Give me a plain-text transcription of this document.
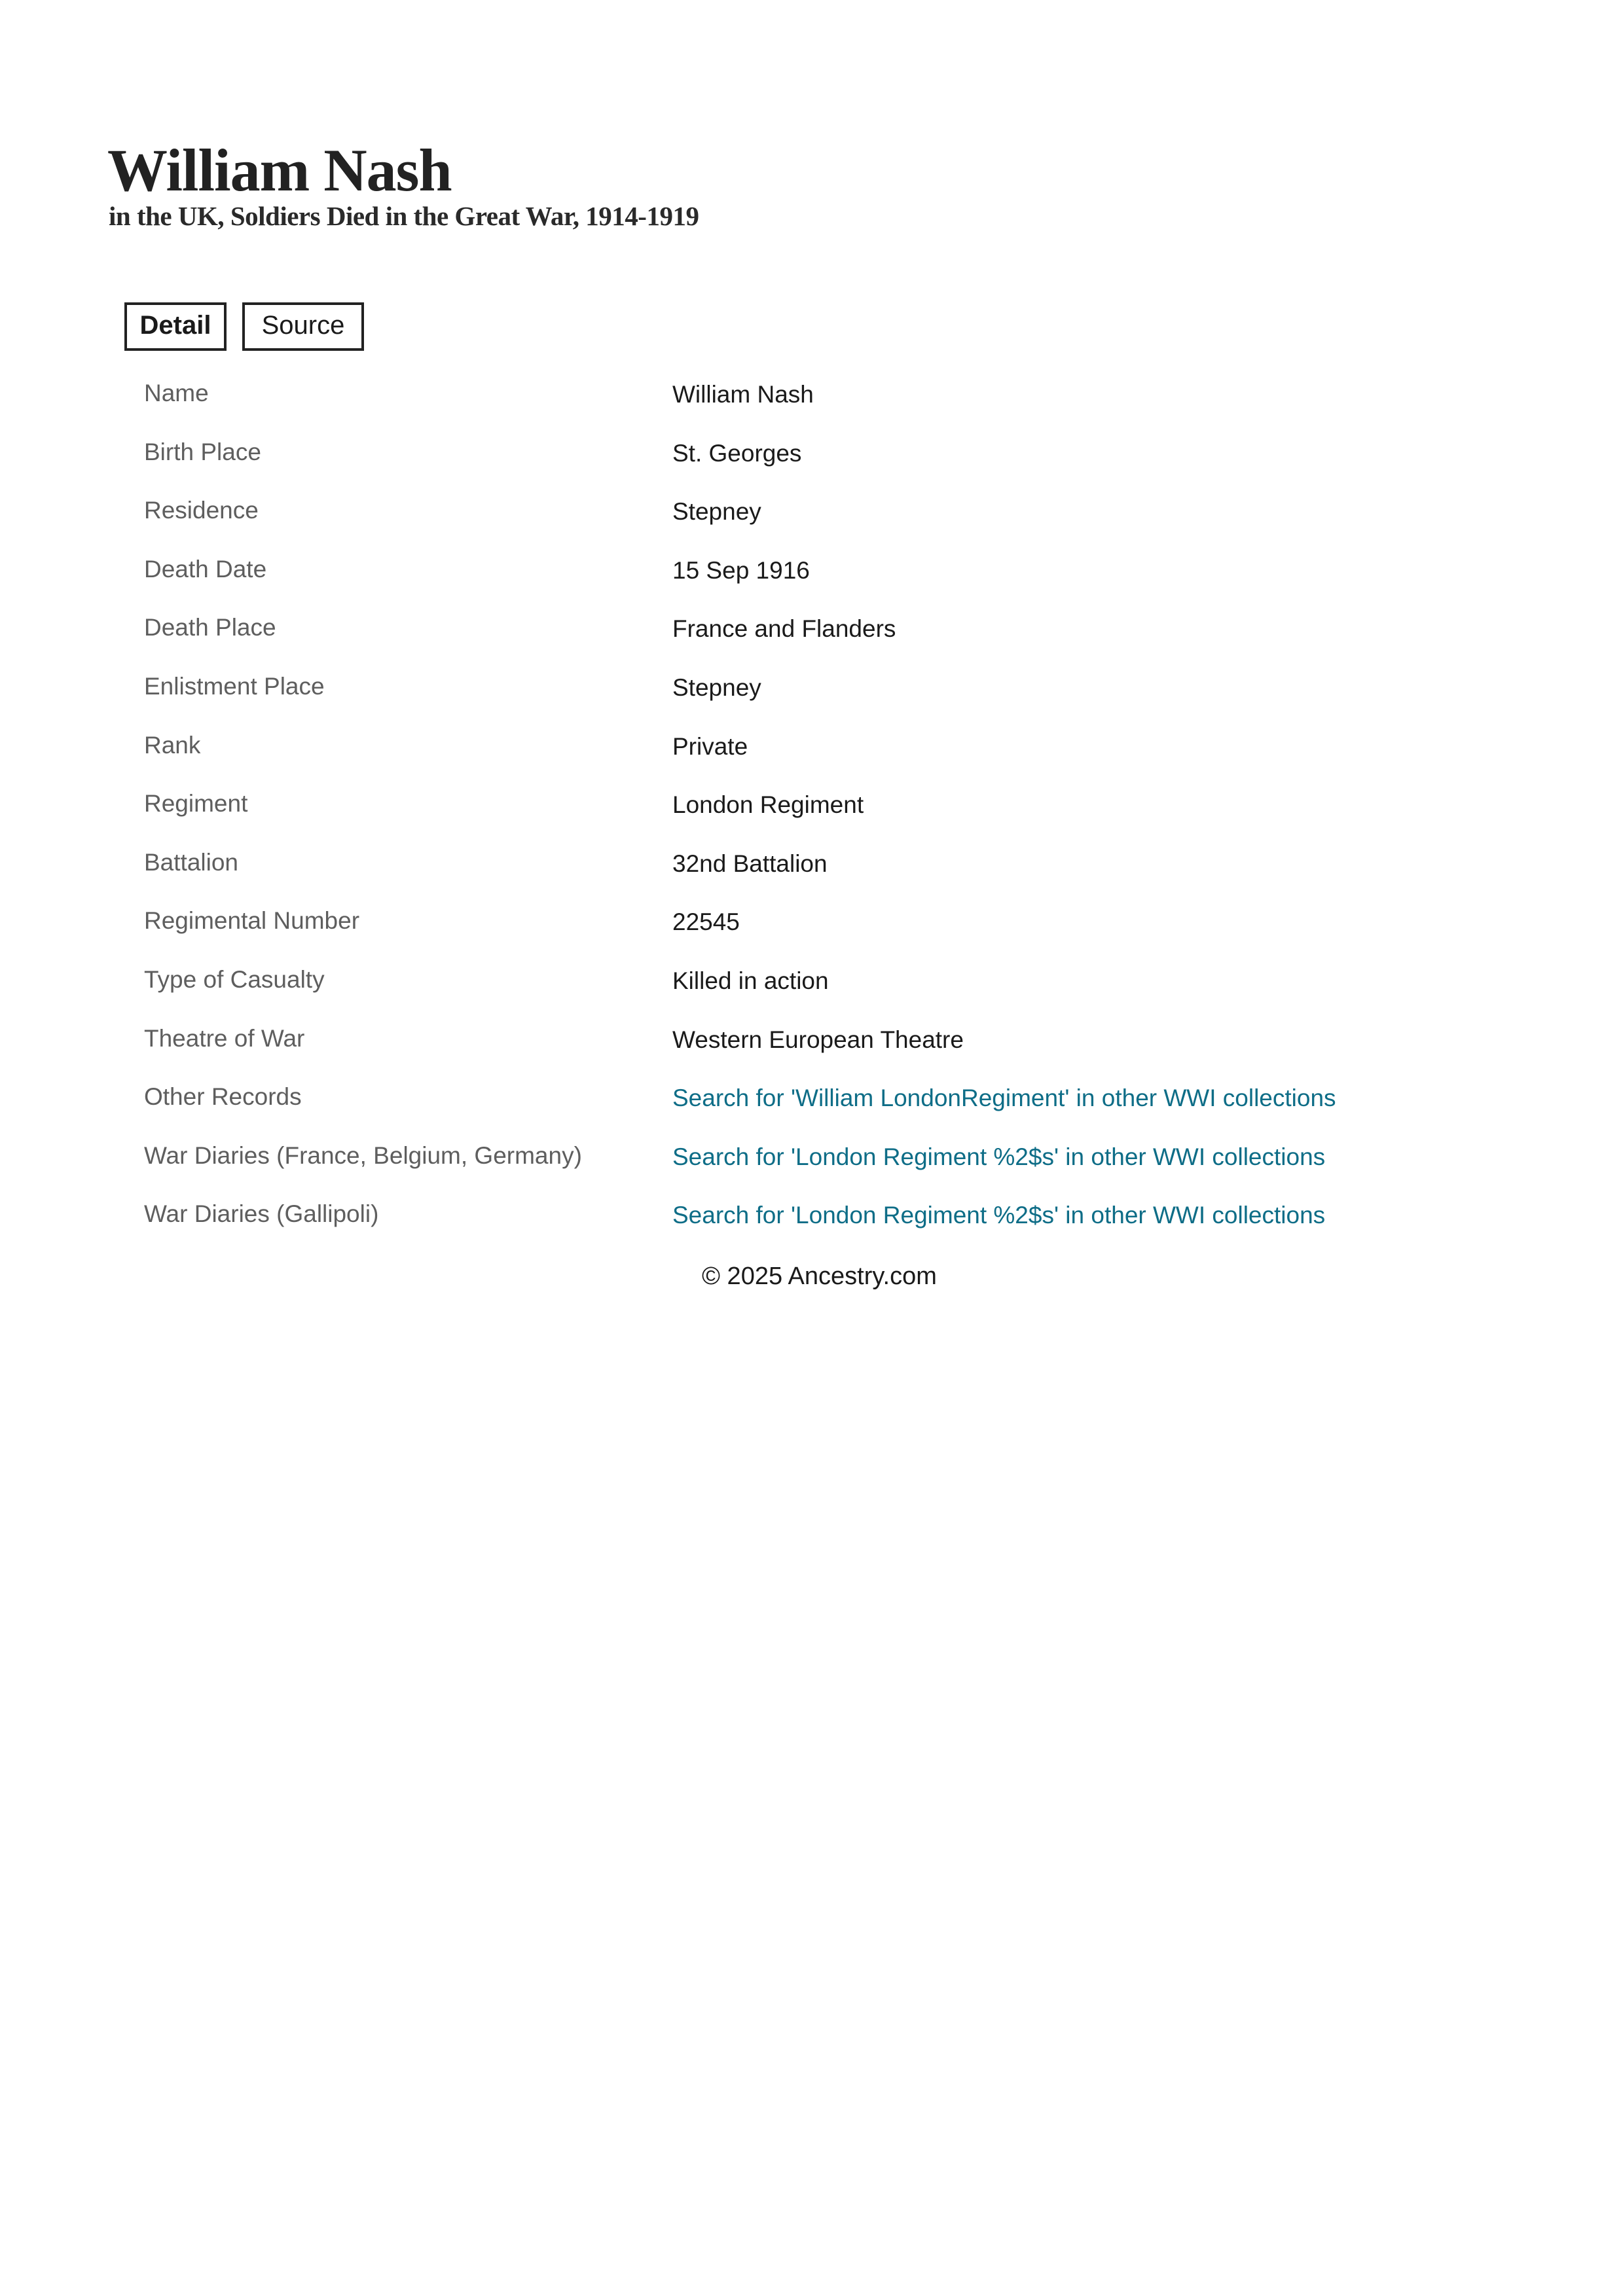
William Nash
in the UK, Soldiers Died in the Great War, 1914-1919
Detail	Source
Name	William Nash
Birth Place	St. Georges
Residence	Stepney
Death Date	15 Sep 1916
Death Place	France and Flanders
Enlistment Place	Stepney
Rank	Private
Regiment	London Regiment
Battalion	32nd Battalion
Regimental Number	22545
Type of Casualty	Killed in action
Theatre of War	Western European Theatre
Other Records	Search for 'William LondonRegiment' in other WWI collections
War Diaries (France, Belgium, Germany)	Search for 'London Regiment %2$s' in other WWI collections
War Diaries (Gallipoli)	Search for 'London Regiment %2$s' in other WWI collections
© 2025 Ancestry.com
